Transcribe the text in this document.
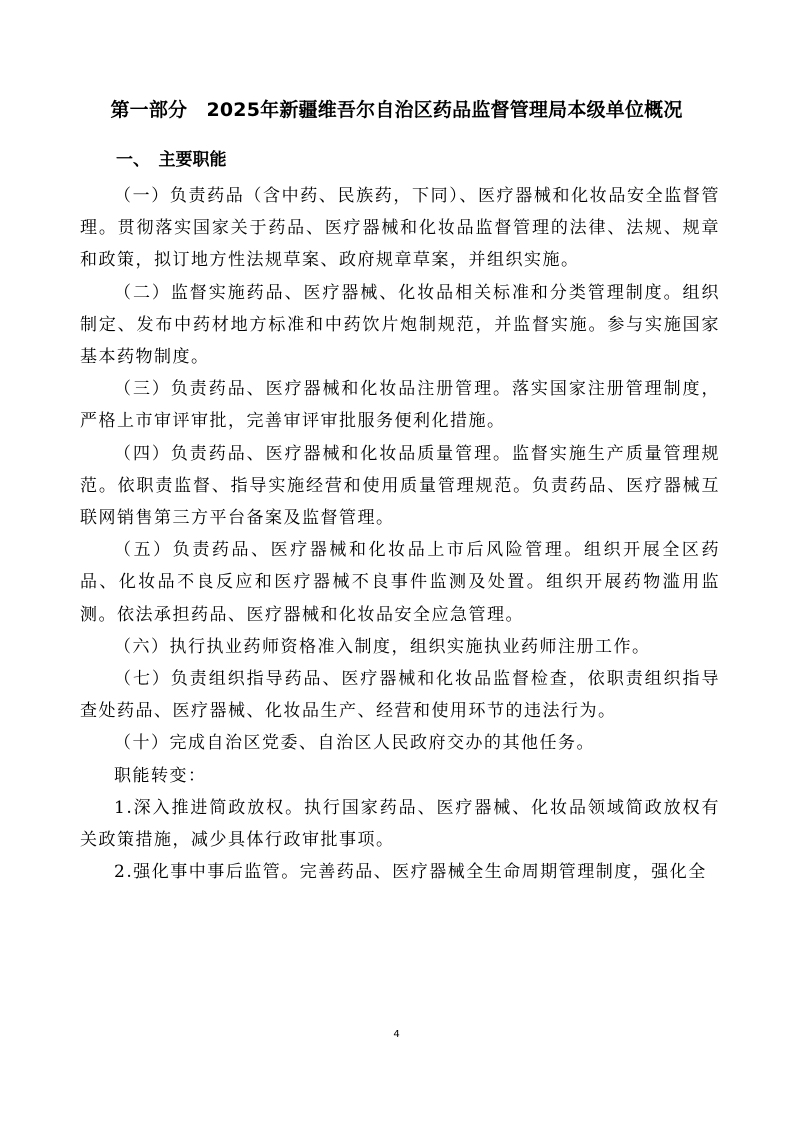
第一部分　2025年新疆维吾尔自治区药品监督管理局本级单位概况
一、　主要职能

（一）负责药品（含中药、民族药，下同）、医疗器械和化妆品安全监督管理。贯彻落实国家关于药品、医疗器械和化妆品监督管理的法律、法规、规章和政策，拟订地方性法规草案、政府规章草案，并组织实施。

（二）监督实施药品、医疗器械、化妆品相关标准和分类管理制度。组织制定、发布中药材地方标准和中药饮片炮制规范，并监督实施。参与实施国家基本药物制度。

（三）负责药品、医疗器械和化妆品注册管理。落实国家注册管理制度，严格上市审评审批，完善审评审批服务便利化措施。

（四）负责药品、医疗器械和化妆品质量管理。监督实施生产质量管理规范。依职责监督、指导实施经营和使用质量管理规范。负责药品、医疗器械互联网销售第三方平台备案及监督管理。

（五）负责药品、医疗器械和化妆品上市后风险管理。组织开展全区药品、化妆品不良反应和医疗器械不良事件监测及处置。组织开展药物滥用监测。依法承担药品、医疗器械和化妆品安全应急管理。

（六）执行执业药师资格准入制度，组织实施执业药师注册工作。

（七）负责组织指导药品、医疗器械和化妆品监督检查，依职责组织指导查处药品、医疗器械、化妆品生产、经营和使用环节的违法行为。

（十）完成自治区党委、自治区人民政府交办的其他任务。

职能转变：

1.深入推进简政放权。执行国家药品、医疗器械、化妆品领域简政放权有关政策措施，减少具体行政审批事项。

2.强化事中事后监管。完善药品、医疗器械全生命周期管理制度，强化全

4
